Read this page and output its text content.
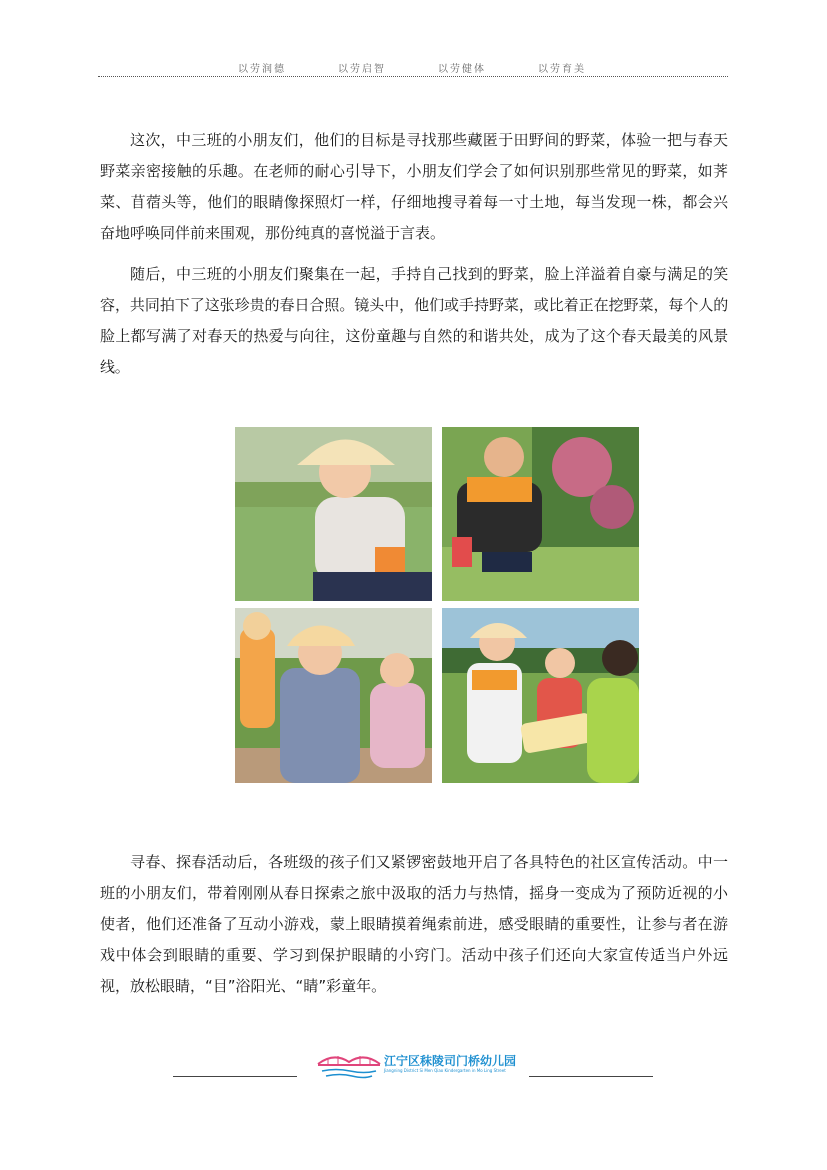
以劳润德	以劳启智	以劳健体	以劳育美

这次，中三班的小朋友们，他们的目标是寻找那些藏匿于田野间的野菜，体验一把与春天野菜亲密接触的乐趣。在老师的耐心引导下，小朋友们学会了如何识别那些常见的野菜，如荠菜、苜蓿头等，他们的眼睛像探照灯一样，仔细地搜寻着每一寸土地，每当发现一株，都会兴奋地呼唤同伴前来围观，那份纯真的喜悦溢于言表。

随后，中三班的小朋友们聚集在一起，手持自己找到的野菜，脸上洋溢着自豪与满足的笑容，共同拍下了这张珍贵的春日合照。镜头中，他们或手持野菜，或比着正在挖野菜，每个人的脸上都写满了对春天的热爱与向往，这份童趣与自然的和谐共处，成为了这个春天最美的风景线。

寻春、探春活动后，各班级的孩子们又紧锣密鼓地开启了各具特色的社区宣传活动。中一班的小朋友们，带着刚刚从春日探索之旅中汲取的活力与热情，摇身一变成为了预防近视的小使者，他们还准备了互动小游戏，蒙上眼睛摸着绳索前进，感受眼睛的重要性，让参与者在游戏中体会到眼睛的重要、学习到保护眼睛的小窍门。活动中孩子们还向大家宣传适当户外远视，放松眼睛，“目”浴阳光、“睛”彩童年。

江宁区秣陵司门桥幼儿园
Jiangning District Si Men Qiao Kindergarten in Mo Ling Street
